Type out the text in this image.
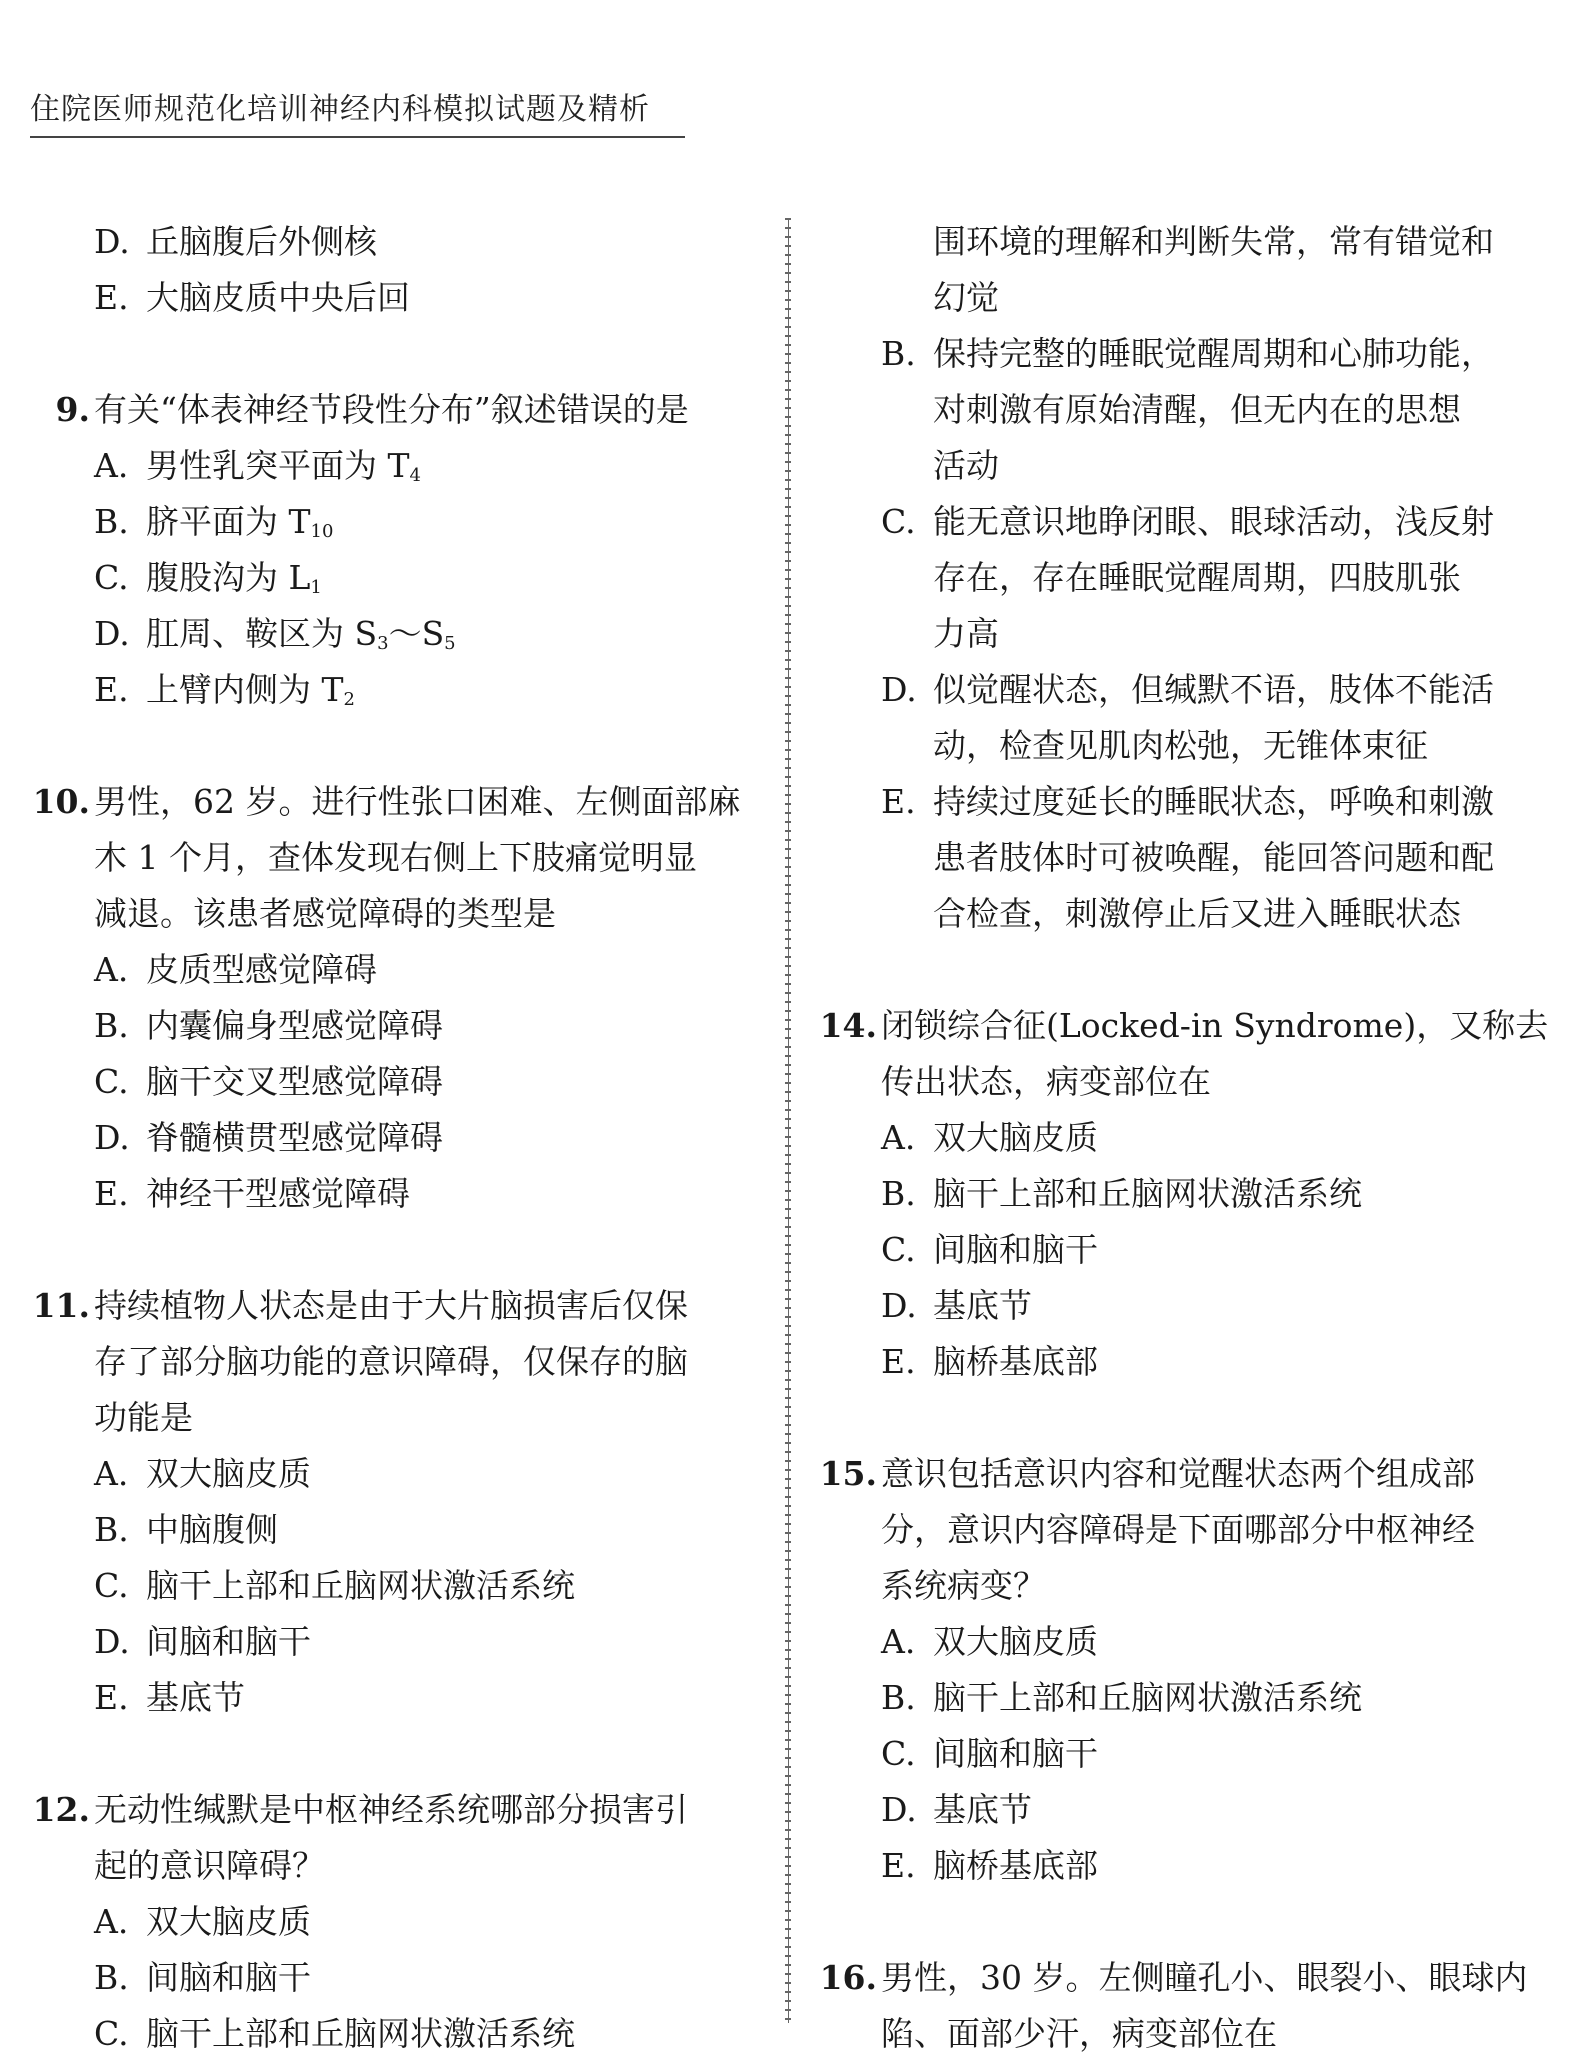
住院医师规范化培训神经内科模拟试题及精析
D. 丘脑腹后外侧核
E. 大脑皮质中央后回
9. 有关“体表神经节段性分布”叙述错误的是
A. 男性乳突平面为 $T_4$
B. 脐平面为 $T_{10}$
C. 腹股沟为 $L_1$
D. 肛周、鞍区为 $S_3\sim S_5$
E. 上臂内侧为 $T_2$
10. 男性，62 岁。进行性张口困难、左侧面部麻
木 1 个月，查体发现右侧上下肢痛觉明显
减退。该患者感觉障碍的类型是
A. 皮质型感觉障碍
B. 内囊偏身型感觉障碍
C. 脑干交叉型感觉障碍
D. 脊髓横贯型感觉障碍
E. 神经干型感觉障碍
11. 持续植物人状态是由于大片脑损害后仅保
存了部分脑功能的意识障碍，仅保存的脑
功能是
A. 双大脑皮质
B. 中脑腹侧
C. 脑干上部和丘脑网状激活系统
D. 间脑和脑干
E. 基底节
12. 无动性缄默是中枢神经系统哪部分损害引
起的意识障碍？
A. 双大脑皮质
B. 间脑和脑干
C. 脑干上部和丘脑网状激活系统
围环境的理解和判断失常，常有错觉和
幻觉
B. 保持完整的睡眠觉醒周期和心肺功能，
对刺激有原始清醒，但无内在的思想
活动
C. 能无意识地睁闭眼、眼球活动，浅反射
存在，存在睡眠觉醒周期，四肢肌张
力高
D. 似觉醒状态，但缄默不语，肢体不能活
动，检查见肌肉松弛，无锥体束征
E. 持续过度延长的睡眠状态，呼唤和刺激
患者肢体时可被唤醒，能回答问题和配
合检查，刺激停止后又进入睡眠状态
14. 闭锁综合征(Locked-in Syndrome)，又称去
传出状态，病变部位在
A. 双大脑皮质
B. 脑干上部和丘脑网状激活系统
C. 间脑和脑干
D. 基底节
E. 脑桥基底部
15. 意识包括意识内容和觉醒状态两个组成部
分，意识内容障碍是下面哪部分中枢神经
系统病变？
A. 双大脑皮质
B. 脑干上部和丘脑网状激活系统
C. 间脑和脑干
D. 基底节
E. 脑桥基底部
16. 男性，30 岁。左侧瞳孔小、眼裂小、眼球内
陷、面部少汗，病变部位在
